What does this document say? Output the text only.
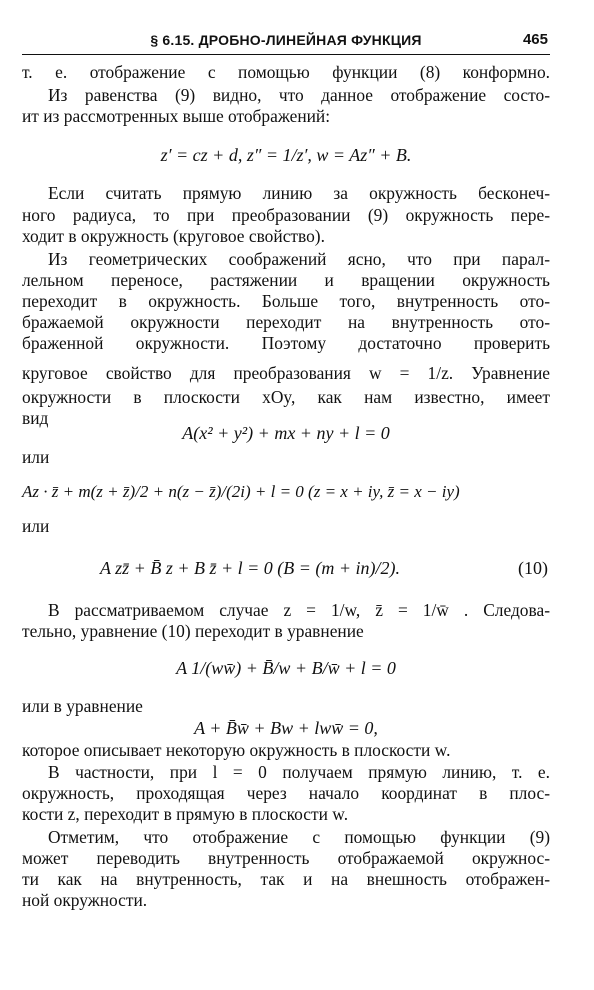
§ 6.15. ДРОБНО-ЛИНЕЙНАЯ ФУНКЦИЯ	465
т. е. отображение с помощью функции (8) конформно.
Из равенства (9) видно, что данное отображение состо-
ит из рассмотренных выше отображений:
z′ = cz + d, z″ = 1/z′, w = Az″ + B.
Если считать прямую линию за окружность бесконеч-
ного радиуса, то при преобразовании (9) окружность пере-
ходит в окружность (круговое свойство).
Из геометрических соображений ясно, что при парал-
лельном переносе, растяжении и вращении окружность
переходит в окружность. Больше того, внутренность ото-
бражаемой окружности переходит на внутренность ото-
браженной окружности. Поэтому достаточно проверить
круговое свойство для преобразования w = 1/z. Уравнение
окружности в плоскости xOy, как нам известно, имеет
вид
A(x² + y²) + mx + ny + l = 0
или
Az · z̄ + m(z + z̄)/2 + n(z − z̄)/(2i) + l = 0 (z = x + iy, z̄ = x − iy)
или
A zz̄ + B̄ z + B z̄ + l = 0 (B = (m + in)/2).	(10)
В рассматриваемом случае z = 1/w, z̄ = 1/w̄ . Следова-
тельно, уравнение (10) переходит в уравнение
A 1/(ww̄) + B̄/w + B/w̄ + l = 0
или в уравнение
A + B̄w̄ + Bw + lww̄ = 0,
которое описывает некоторую окружность в плоскости w.
В частности, при l = 0 получаем прямую линию, т. е.
окружность, проходящая через начало координат в плос-
кости z, переходит в прямую в плоскости w.
Отметим, что отображение с помощью функции (9)
может переводить внутренность отображаемой окружнос-
ти как на внутренность, так и на внешность отображен-
ной окружности.
